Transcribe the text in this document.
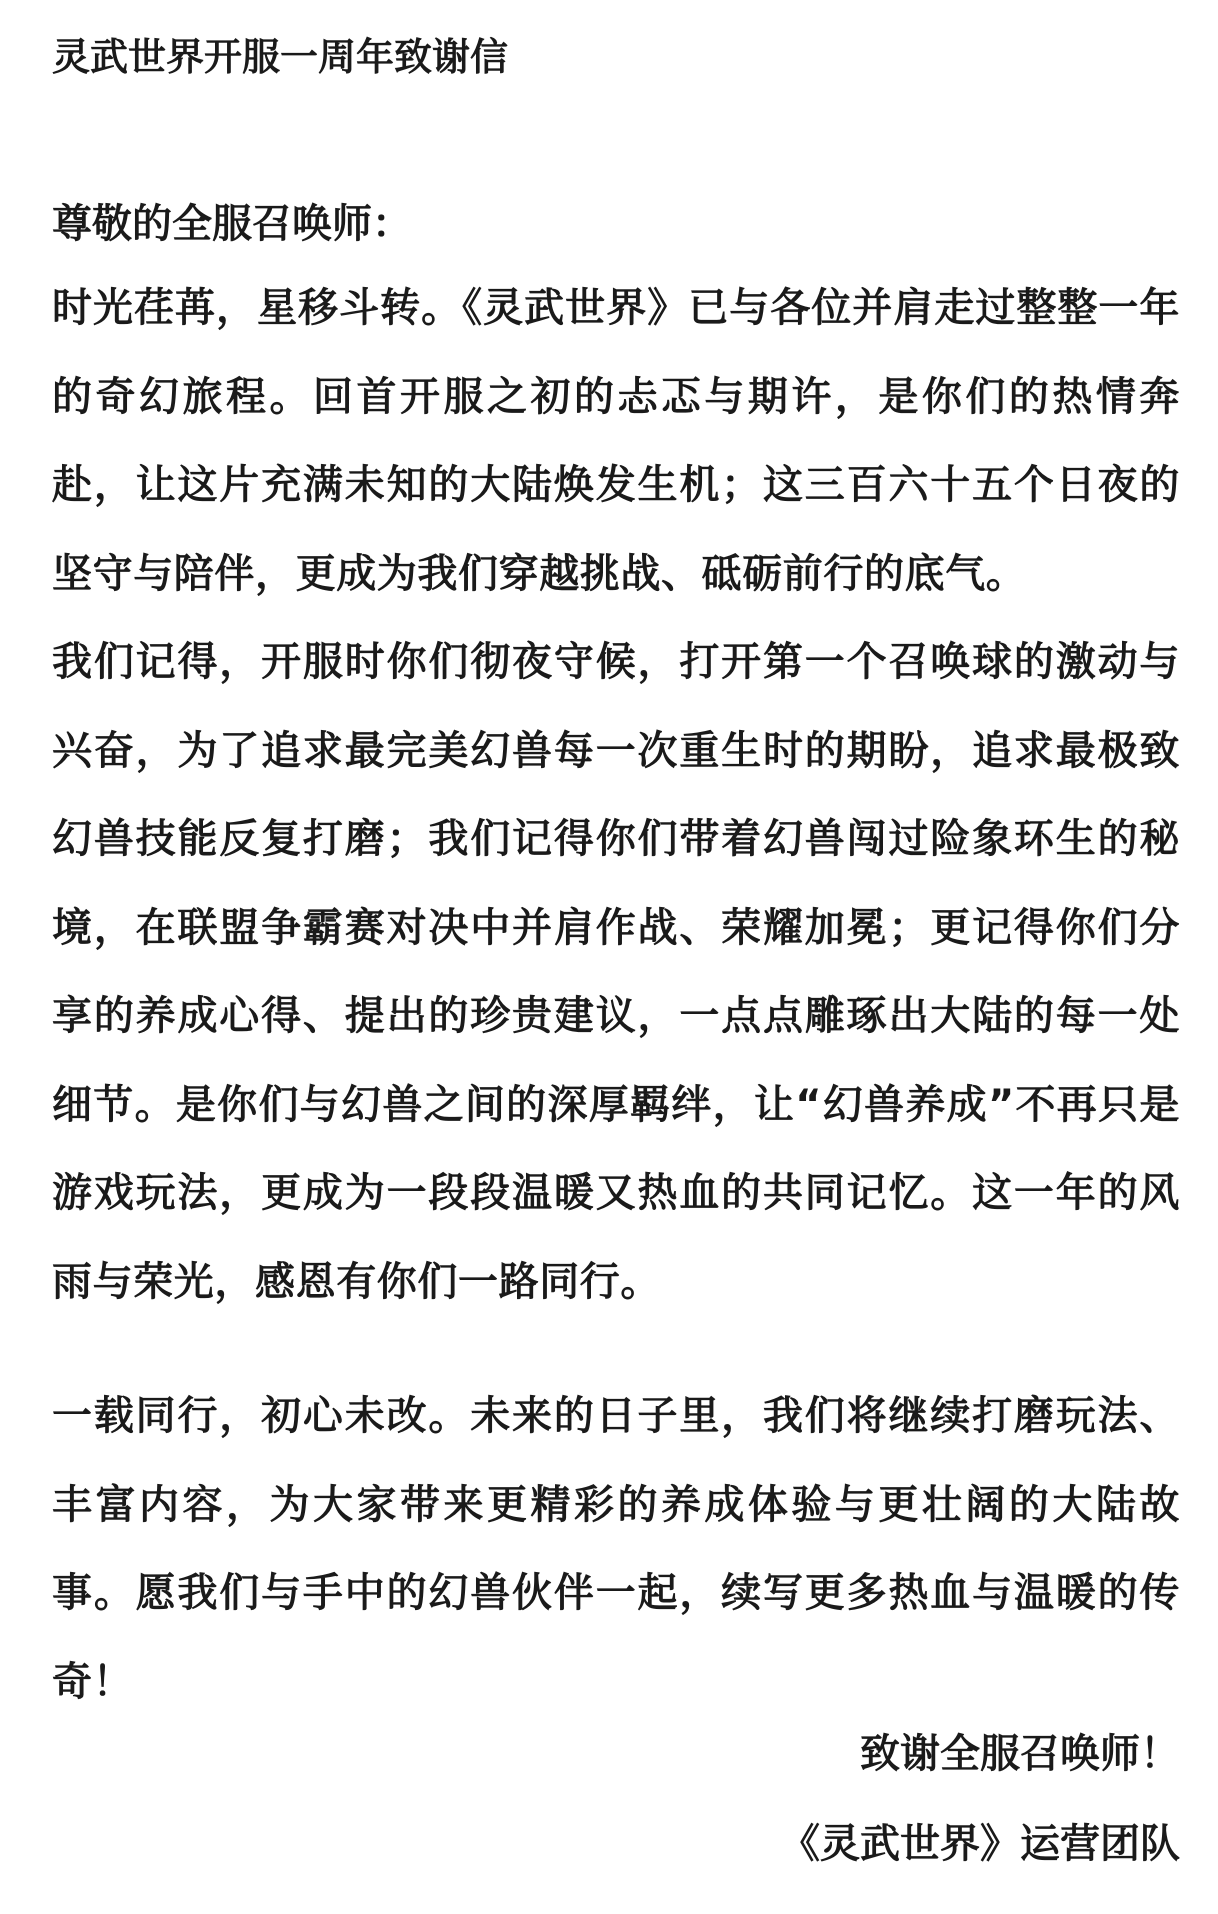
灵武世界开服一周年致谢信

尊敬的全服召唤师：

时光荏苒，星移斗转。《灵武世界》已与各位并肩走过整整一年的奇幻旅程。回首开服之初的忐忑与期许，是你们的热情奔赴，让这片充满未知的大陆焕发生机；这三百六十五个日夜的坚守与陪伴，更成为我们穿越挑战、砥砺前行的底气。

我们记得，开服时你们彻夜守候，打开第一个召唤球的激动与兴奋，为了追求最完美幻兽每一次重生时的期盼，追求最极致幻兽技能反复打磨；我们记得你们带着幻兽闯过险象环生的秘境，在联盟争霸赛对决中并肩作战、荣耀加冕；更记得你们分享的养成心得、提出的珍贵建议，一点点雕琢出大陆的每一处细节。是你们与幻兽之间的深厚羁绊，让“幻兽养成”不再只是游戏玩法，更成为一段段温暖又热血的共同记忆。这一年的风雨与荣光，感恩有你们一路同行。

一载同行，初心未改。未来的日子里，我们将继续打磨玩法、丰富内容，为大家带来更精彩的养成体验与更壮阔的大陆故事。愿我们与手中的幻兽伙伴一起，续写更多热血与温暖的传奇！

致谢全服召唤师！

《灵武世界》运营团队
